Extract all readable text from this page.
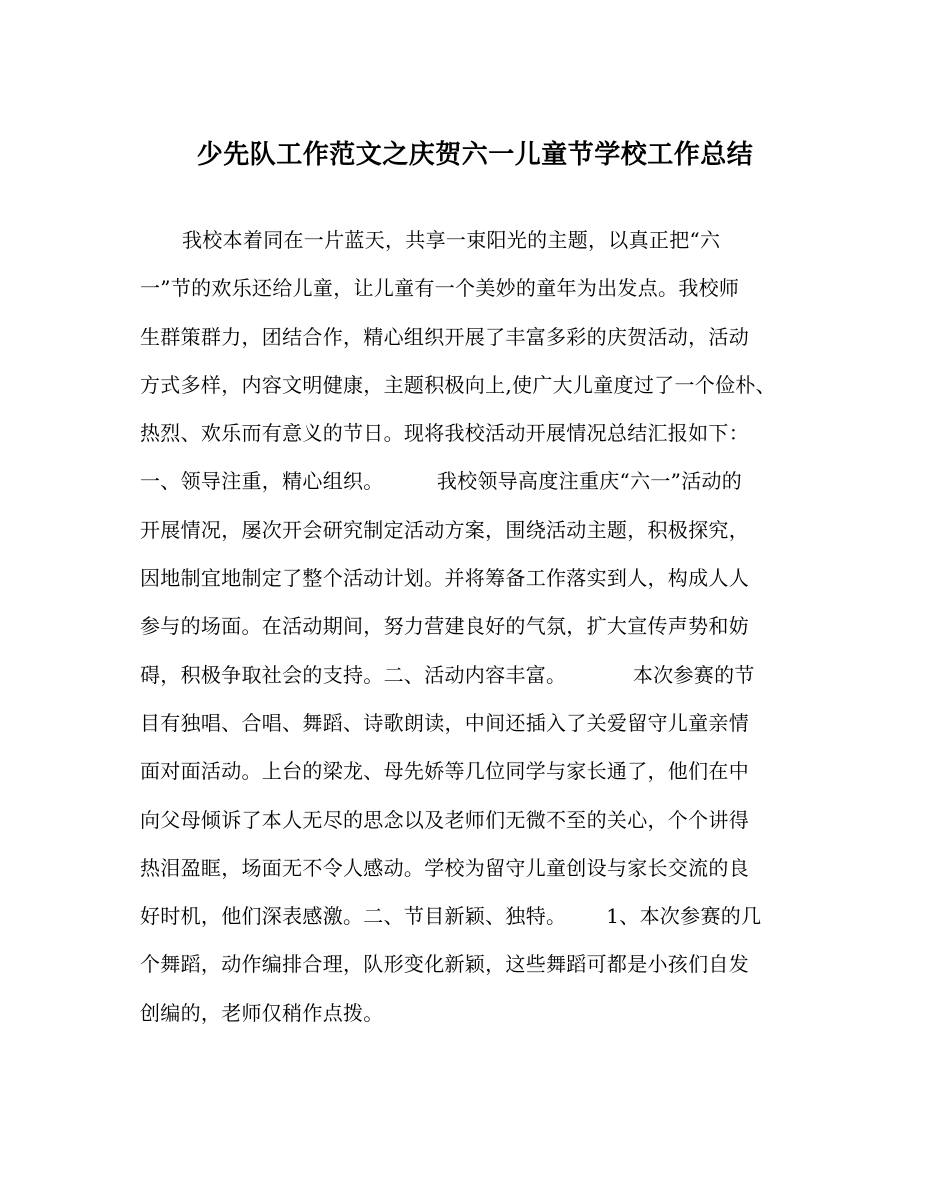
少先队工作范文之庆贺六一儿童节学校工作总结
我校本着同在一片蓝天，共享一束阳光的主题，以真正把“六
一”节的欢乐还给儿童，让儿童有一个美妙的童年为出发点。我校师
生群策群力，团结合作，精心组织开展了丰富多彩的庆贺活动，活动
方式多样，内容文明健康，主题积极向上,使广大儿童度过了一个俭朴、
热烈、欢乐而有意义的节日。现将我校活动开展情况总结汇报如下：
一、领导注重，精心组织。        我校领导高度注重庆“六一”活动的
开展情况，屡次开会研究制定活动方案，围绕活动主题，积极探究，
因地制宜地制定了整个活动计划。并将筹备工作落实到人，构成人人
参与的场面。在活动期间，努力营建良好的气氛，扩大宣传声势和妨
碍，积极争取社会的支持。二、活动内容丰富。          本次参赛的节
目有独唱、合唱、舞蹈、诗歌朗读，中间还插入了关爱留守儿童亲情
面对面活动。上台的梁龙、母先娇等几位同学与家长通了，他们在中
向父母倾诉了本人无尽的思念以及老师们无微不至的关心，个个讲得
热泪盈眶，场面无不令人感动。学校为留守儿童创设与家长交流的良
好时机，他们深表感激。二、节目新颖、独特。      1、本次参赛的几
个舞蹈，动作编排合理，队形变化新颖，这些舞蹈可都是小孩们自发
创编的，老师仅稍作点拨。
